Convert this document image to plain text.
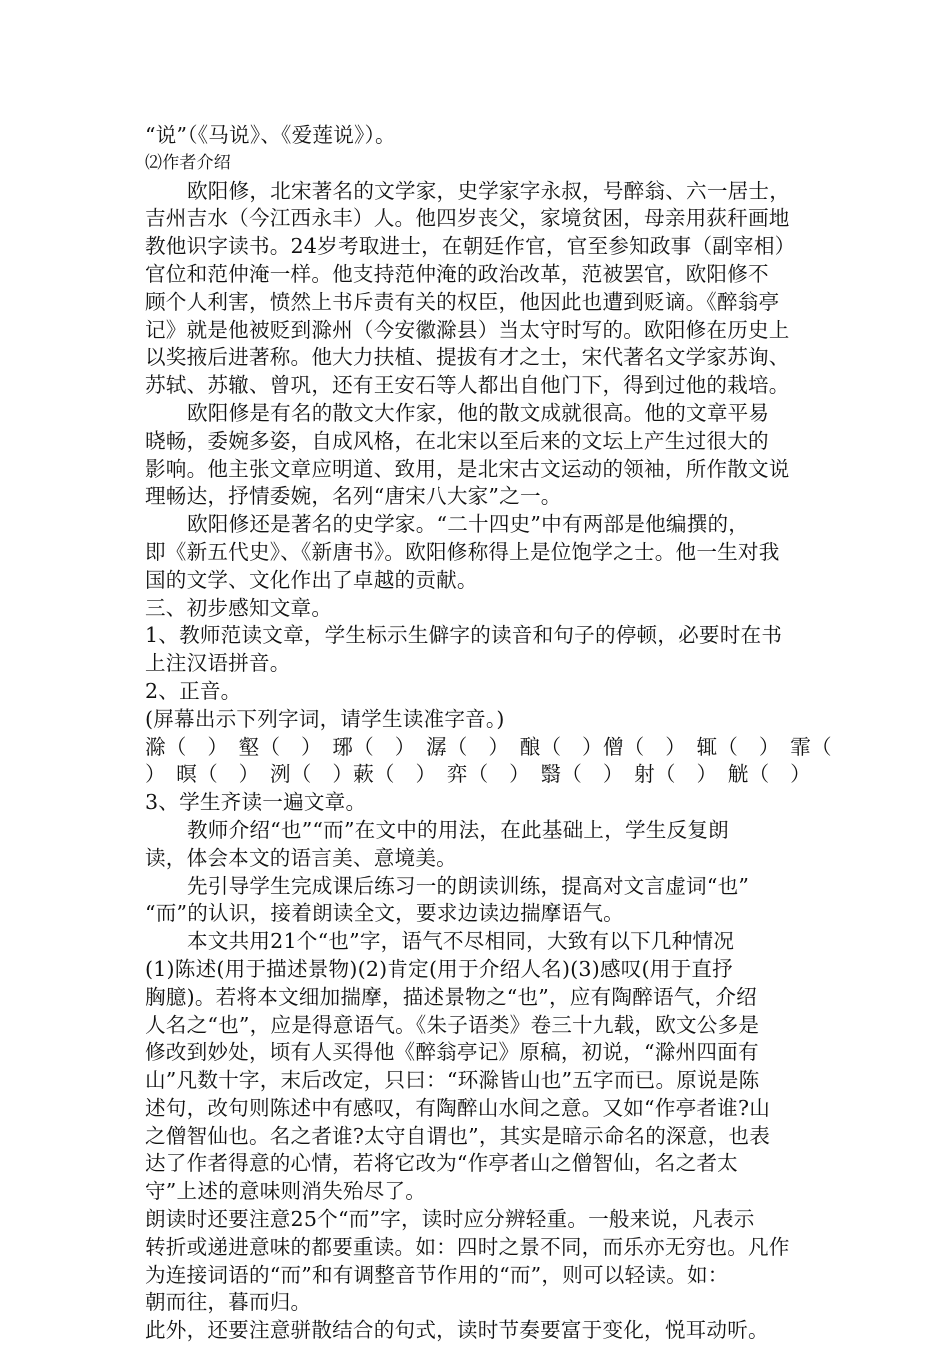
“说”（《马说》、《爱莲说》）。
⑵作者介绍
欧阳修，北宋著名的文学家，史学家字永叔，号醉翁、六一居士，
吉州吉水（今江西永丰）人。他四岁丧父，家境贫困，母亲用荻秆画地
教他识字读书。24岁考取进士，在朝廷作官，官至参知政事（副宰相）
官位和范仲淹一样。他支持范仲淹的政治改革，范被罢官，欧阳修不
顾个人利害，愤然上书斥责有关的权臣，他因此也遭到贬谪。《醉翁亭
记》就是他被贬到滁州（今安徽滁县）当太守时写的。欧阳修在历史上
以奖掖后进著称。他大力扶植、提拔有才之士，宋代著名文学家苏询、
苏轼、苏辙、曾巩，还有王安石等人都出自他门下，得到过他的栽培。
欧阳修是有名的散文大作家，他的散文成就很高。他的文章平易
晓畅，委婉多姿，自成风格，在北宋以至后来的文坛上产生过很大的
影响。他主张文章应明道、致用，是北宋古文运动的领袖，所作散文说
理畅达，抒情委婉，名列“唐宋八大家”之一。
欧阳修还是著名的史学家。“二十四史”中有两部是他编撰的，
即《新五代史》、《新唐书》。欧阳修称得上是位饱学之士。他一生对我
国的文学、文化作出了卓越的贡献。
三、初步感知文章。
1、教师范读文章，学生标示生僻字的读音和句子的停顿，必要时在书
上注汉语拼音。
2、正音。
(屏幕出示下列字词，请学生读准字音。)
滁（　）　壑（　）　琊（　）　潺（　）　酿（　）僧（　）　辄（　）　霏（
）　暝（　）　洌（　）蔌（　）　弈（　）　翳（　）　射（　）　觥（　）
3、学生齐读一遍文章。
教师介绍“也”“而”在文中的用法，在此基础上，学生反复朗
读，体会本文的语言美、意境美。
先引导学生完成课后练习一的朗读训练，提高对文言虚词“也”
“而”的认识，接着朗读全文，要求边读边揣摩语气。
本文共用21个“也”字，语气不尽相同，大致有以下几种情况
(1)陈述(用于描述景物)(2)肯定(用于介绍人名)(3)感叹(用于直抒
胸臆)。若将本文细加揣摩，描述景物之“也”，应有陶醉语气，介绍
人名之“也”，应是得意语气。《朱子语类》卷三十九载，欧文公多是
修改到妙处，顷有人买得他《醉翁亭记》原稿，初说，“滁州四面有
山”凡数十字，末后改定，只曰：“环滁皆山也”五字而已。原说是陈
述句，改句则陈述中有感叹，有陶醉山水间之意。又如“作亭者谁?山
之僧智仙也。名之者谁?太守自谓也”，其实是暗示命名的深意，也表
达了作者得意的心情，若将它改为“作亭者山之僧智仙，名之者太
守”上述的意味则消失殆尽了。
朗读时还要注意25个“而”字，读时应分辨轻重。一般来说，凡表示
转折或递进意味的都要重读。如：四时之景不同，而乐亦无穷也。凡作
为连接词语的“而”和有调整音节作用的“而”，则可以轻读。如：
朝而往，暮而归。
此外，还要注意骈散结合的句式，读时节奏要富于变化，悦耳动听。
